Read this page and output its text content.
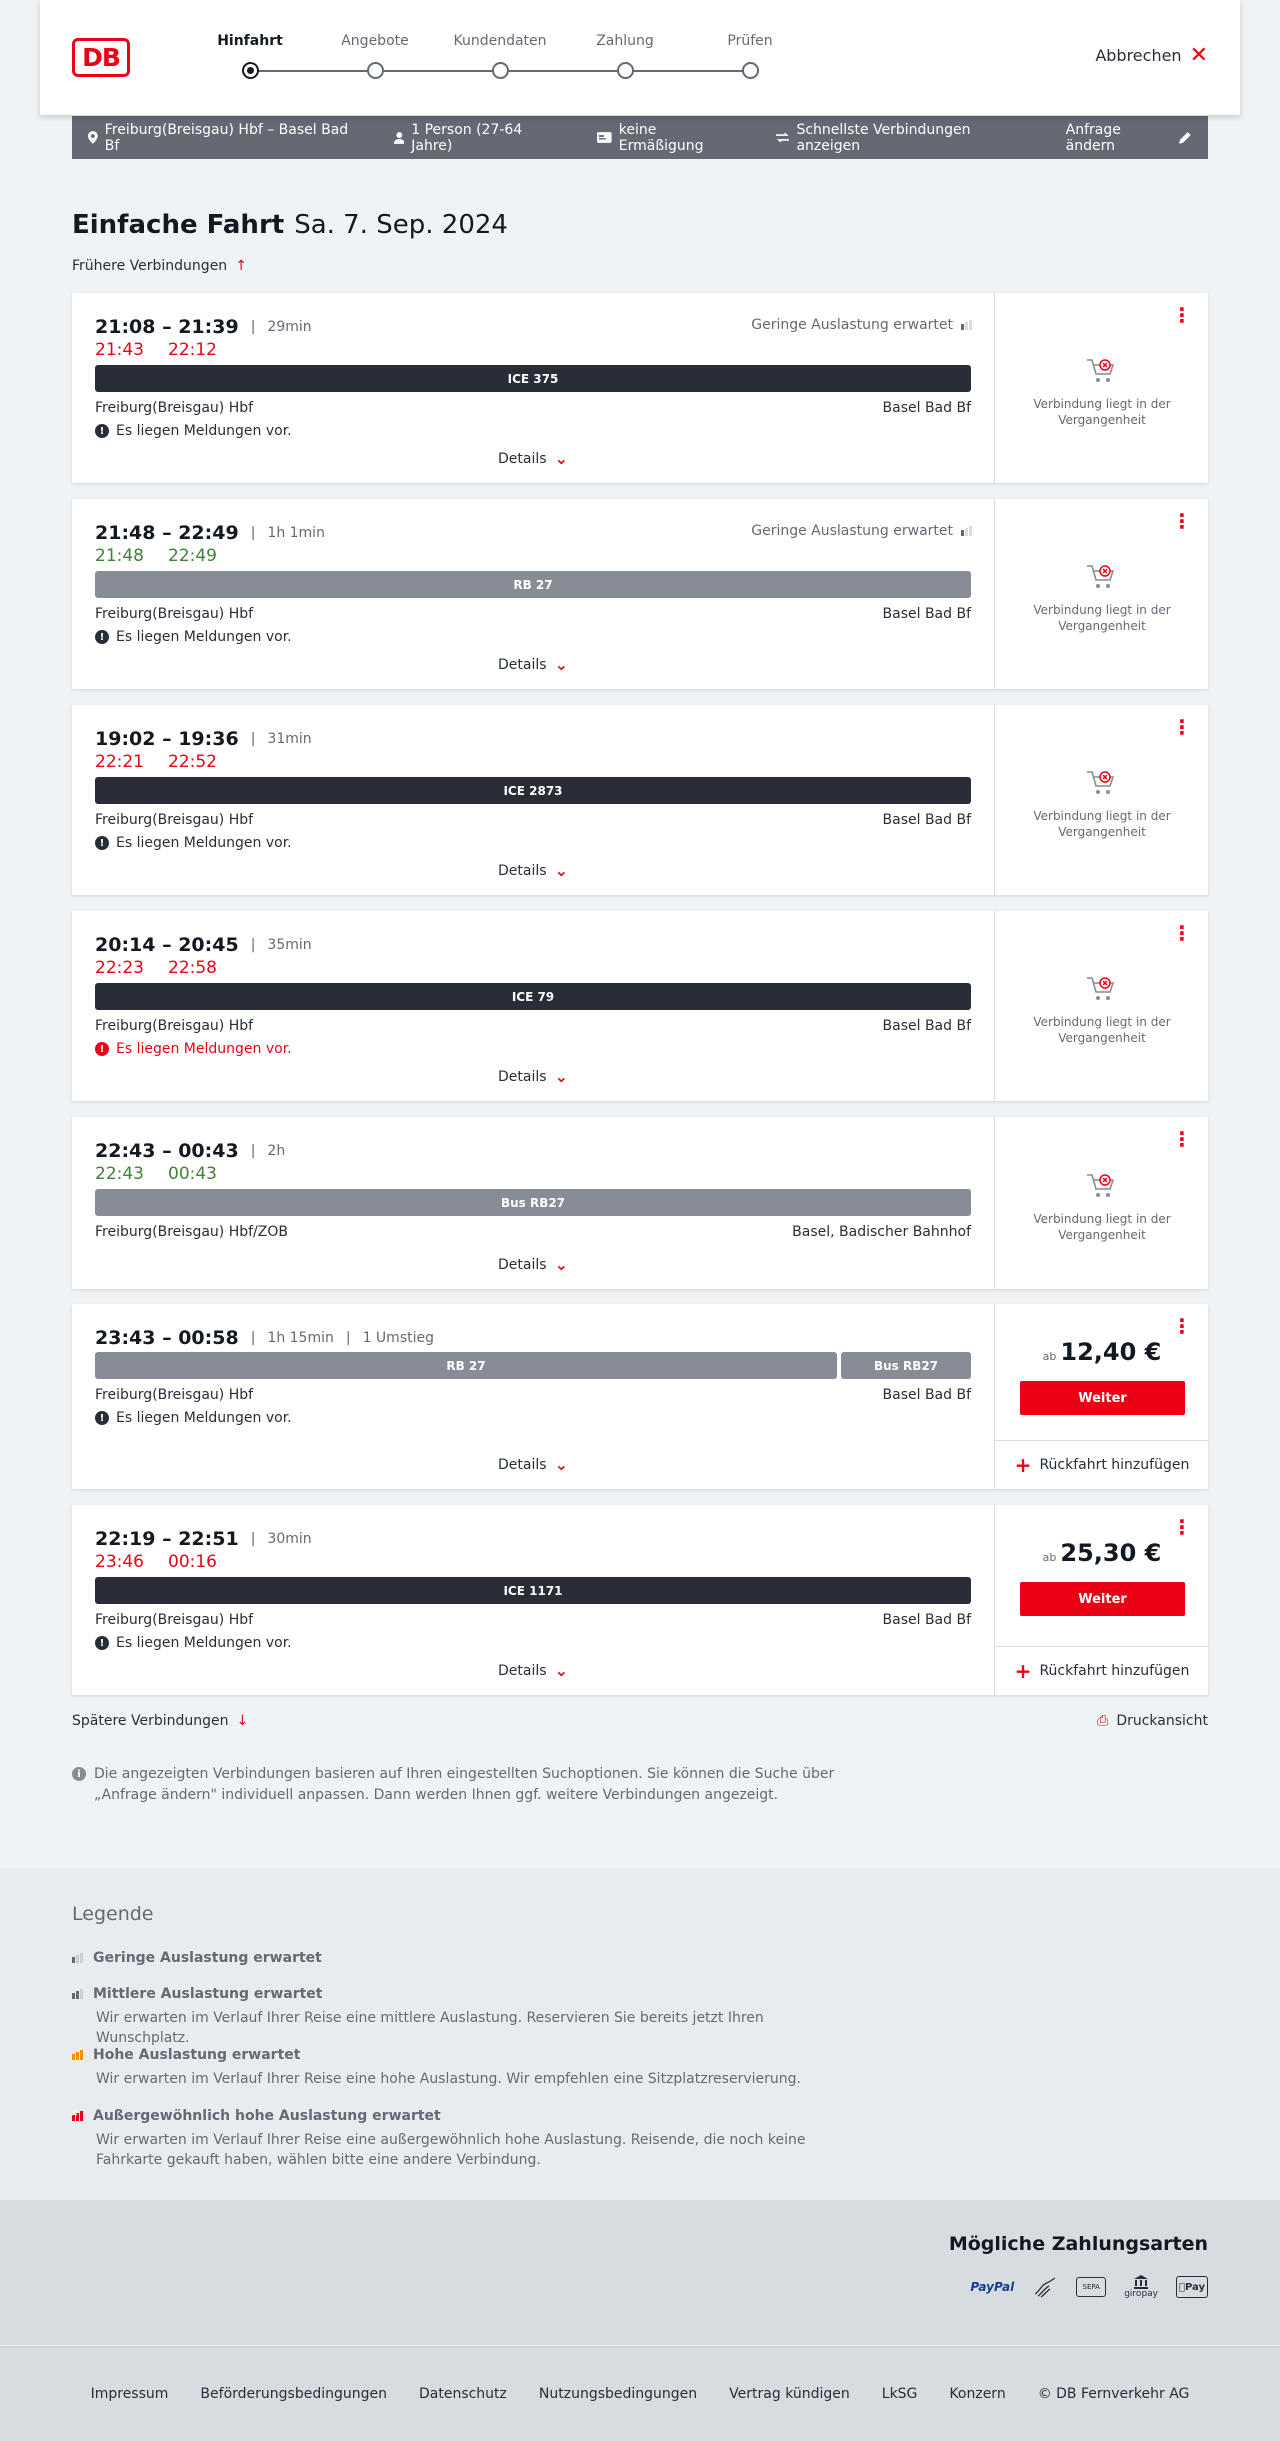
DB
Hinfahrt	Angebote	Kundendaten	Zahlung	Prüfen
Abbrechen ✕
Freiburg(Breisgau) Hbf – Basel Bad Bf
1 Person (27-64 Jahre)
keine Ermäßigung
Schnellste Verbindungen anzeigen
Anfrage ändern
Einfache Fahrt Sa. 7. Sep. 2024
Frühere Verbindungen ↑
21:08 – 21:39 | 29min
21:43 22:12
Geringe Auslastung erwartet
ICE 375
Freiburg(Breisgau) Hbf	Basel Bad Bf
! Es liegen Meldungen vor.
Details ⌄
⋮
Verbindung liegt in der Vergangenheit
21:48 – 22:49 | 1h 1min
21:48 22:49
Geringe Auslastung erwartet
RB 27
Freiburg(Breisgau) Hbf	Basel Bad Bf
! Es liegen Meldungen vor.
Details ⌄
⋮
Verbindung liegt in der Vergangenheit
19:02 – 19:36 | 31min
22:21 22:52
ICE 2873
Freiburg(Breisgau) Hbf	Basel Bad Bf
! Es liegen Meldungen vor.
Details ⌄
⋮
Verbindung liegt in der Vergangenheit
20:14 – 20:45 | 35min
22:23 22:58
ICE 79
Freiburg(Breisgau) Hbf	Basel Bad Bf
! Es liegen Meldungen vor.
Details ⌄
⋮
Verbindung liegt in der Vergangenheit
22:43 – 00:43 | 2h
22:43 00:43
Bus RB27
Freiburg(Breisgau) Hbf/ZOB	Basel, Badischer Bahnhof
Details ⌄
⋮
Verbindung liegt in der Vergangenheit
23:43 – 00:58 | 1h 15min | 1 Umstieg
RB 27	Bus RB27
Freiburg(Breisgau) Hbf	Basel Bad Bf
! Es liegen Meldungen vor.
Details ⌄
⋮
ab 12,40 €
Weiter
+ Rückfahrt hinzufügen
22:19 – 22:51 | 30min
23:46 00:16
ICE 1171
Freiburg(Breisgau) Hbf	Basel Bad Bf
! Es liegen Meldungen vor.
Details ⌄
⋮
ab 25,30 €
Weiter
+ Rückfahrt hinzufügen
Spätere Verbindungen ↓	⎙ Druckansicht
i Die angezeigten Verbindungen basieren auf Ihren eingestellten Suchoptionen. Sie können die Suche über „Anfrage ändern" individuell anpassen. Dann werden Ihnen ggf. weitere Verbindungen angezeigt.
Legende
Geringe Auslastung erwartet
Mittlere Auslastung erwartet
Wir erwarten im Verlauf Ihrer Reise eine mittlere Auslastung. Reservieren Sie bereits jetzt Ihren Wunschplatz.
Hohe Auslastung erwartet
Wir erwarten im Verlauf Ihrer Reise eine hohe Auslastung. Wir empfehlen eine Sitzplatzreservierung.
✕ Außergewöhnlich hohe Auslastung erwartet
Wir erwarten im Verlauf Ihrer Reise eine außergewöhnlich hohe Auslastung. Reisende, die noch keine Fahrkarte gekauft haben, wählen bitte eine andere Verbindung.
Mögliche Zahlungsarten
PayPal	SEPA
giropay
Pay
Impressum Beförderungsbedingungen Datenschutz Nutzungsbedingungen Vertrag kündigen LkSG Konzern © DB Fernverkehr AG
